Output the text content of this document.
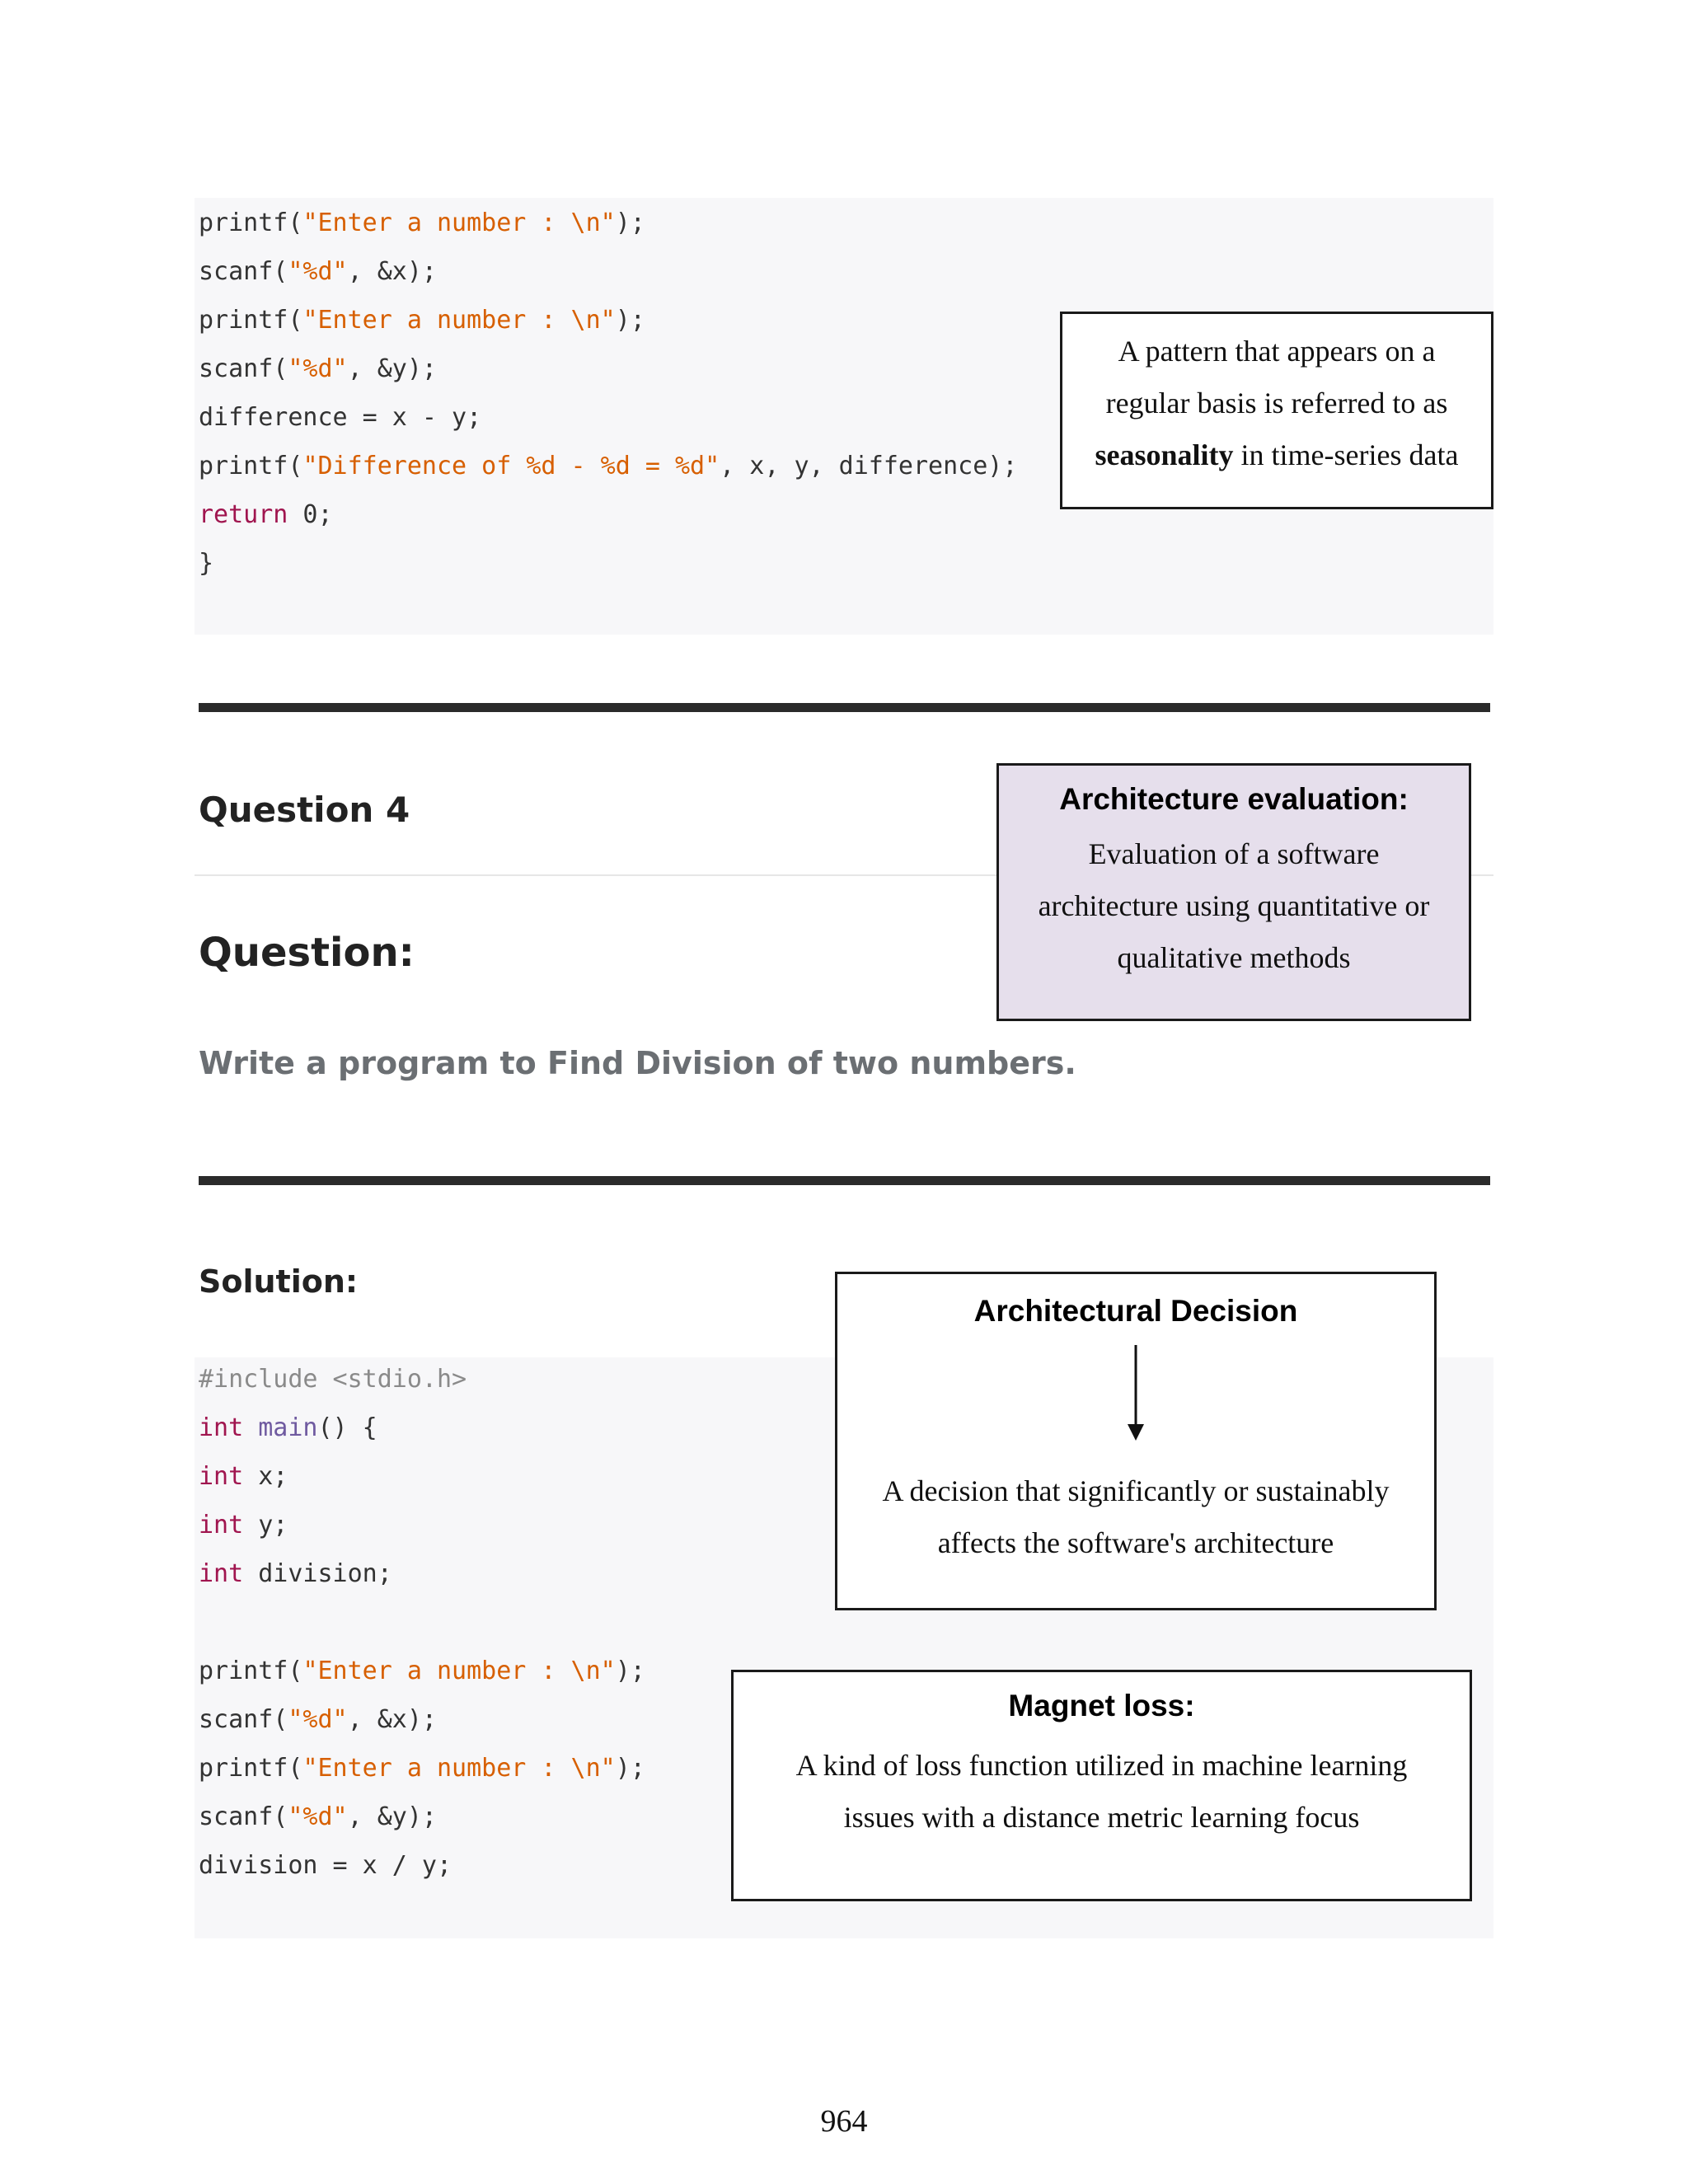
printf("Enter a number : \n");
scanf("%d", &x);
printf("Enter a number : \n");
scanf("%d", &y);
difference = x - y;
printf("Difference of %d - %d = %d", x, y, difference);
return 0;
}
A pattern that appears on a regular basis is referred to as seasonality in time-series data
Question 4	Architecture evaluation:
Evaluation of a software architecture using quantitative or qualitative methods
Question:

Write a program to Find Division of two numbers.

Solution:
#include <stdio.h>
int main() {
int x;
int y;
int division;
printf("Enter a number : \n");
scanf("%d", &x);
printf("Enter a number : \n");
scanf("%d", &y);
division = x / y;
Architectural Decision
A decision that significantly or sustainably affects the software's architecture
Magnet loss:
A kind of loss function utilized in machine learning issues with a distance metric learning focus
964
